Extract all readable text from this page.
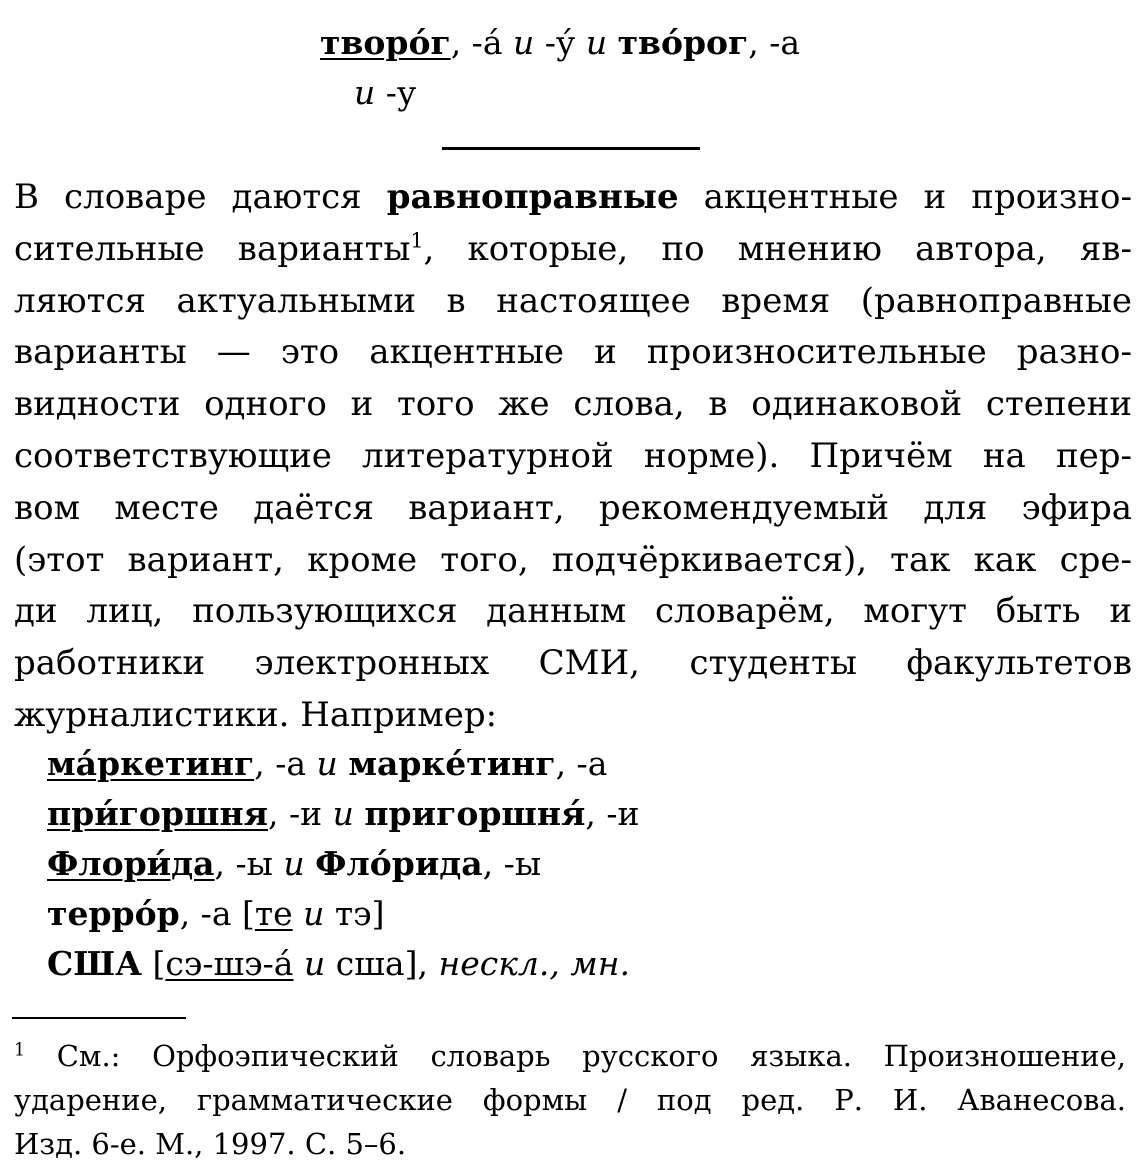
творо́г, -а́ и -у́ и тво́рог, -а
и -у
В словаре даются равноправные акцентные и произно-
сительные варианты$^1$, которые, по мнению автора, яв-
ляются актуальными в настоящее время (равноправные
варианты — это акцентные и произносительные разно-
видности одного и того же слова, в одинаковой степени
соответствующие литературной норме). Причём на пер-
вом месте даётся вариант, рекомендуемый для эфира
(этот вариант, кроме того, подчёркивается), так как сре-
ди лиц, пользующихся данным словарём, могут быть и
работники электронных СМИ, студенты факультетов
журналистики. Например:
ма́ркетинг, -а и марке́тинг, -а
при́горшня, -и и пригоршня́, -и
Флори́да, -ы и Фло́рида, -ы
терро́р, -а [те и тэ]
США [сэ-шэ-а́ и сша], нескл., мн.
$^1$ См.: Орфоэпический словарь русского языка. Произношение,
ударение, грамматические формы / под ред. Р. И. Аванесова.
Изд. 6-е. М., 1997. С. 5–6.
